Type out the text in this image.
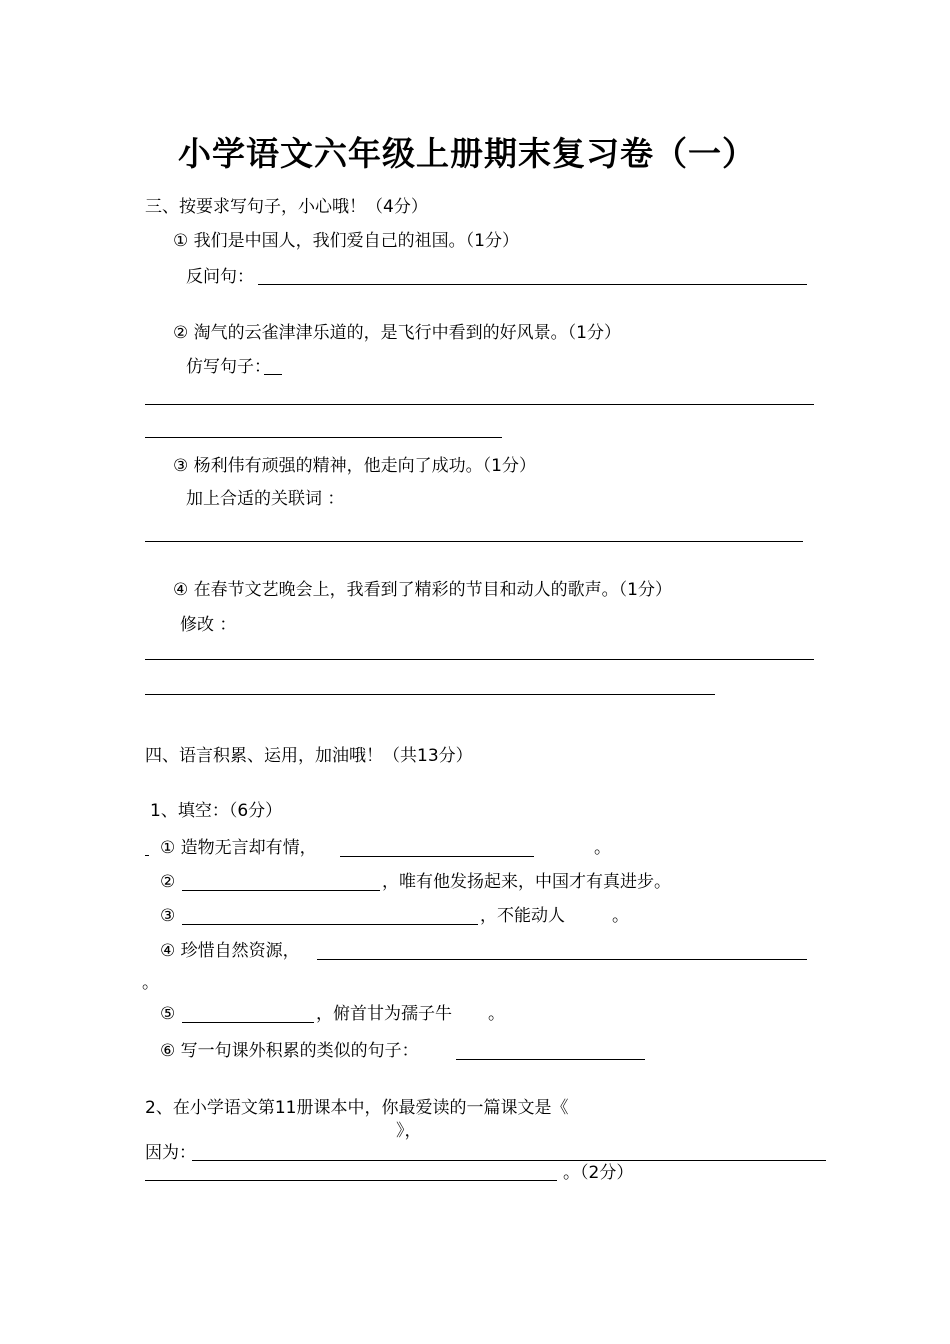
小学语文六年级上册期末复习卷（一）
三、按要求写句子，小心哦！（4分）
① 我们是中国人，我们爱自己的祖国。（1分）
反问句：
② 淘气的云雀津津乐道的，是飞行中看到的好风景。（1分）
仿写句子：
③ 杨利伟有顽强的精神，他走向了成功。（1分）
加上合适的关联词 ：
④ 在春节文艺晚会上，我看到了精彩的节目和动人的歌声。（1分）
修改 ：
四、语言积累、运用，加油哦！（共13分）
1、填空：（6分）
① 造物无言却有情，	。
②	，唯有他发扬起来，中国才有真进步。
③	，不能动人	。
④ 珍惜自然资源，
。
⑤	，俯首甘为孺子牛 。
⑥ 写一句课外积累的类似的句子：
2、在小学语文第11册课本中，你最爱读的一篇课文是《
》，
因为：
。（2分）
